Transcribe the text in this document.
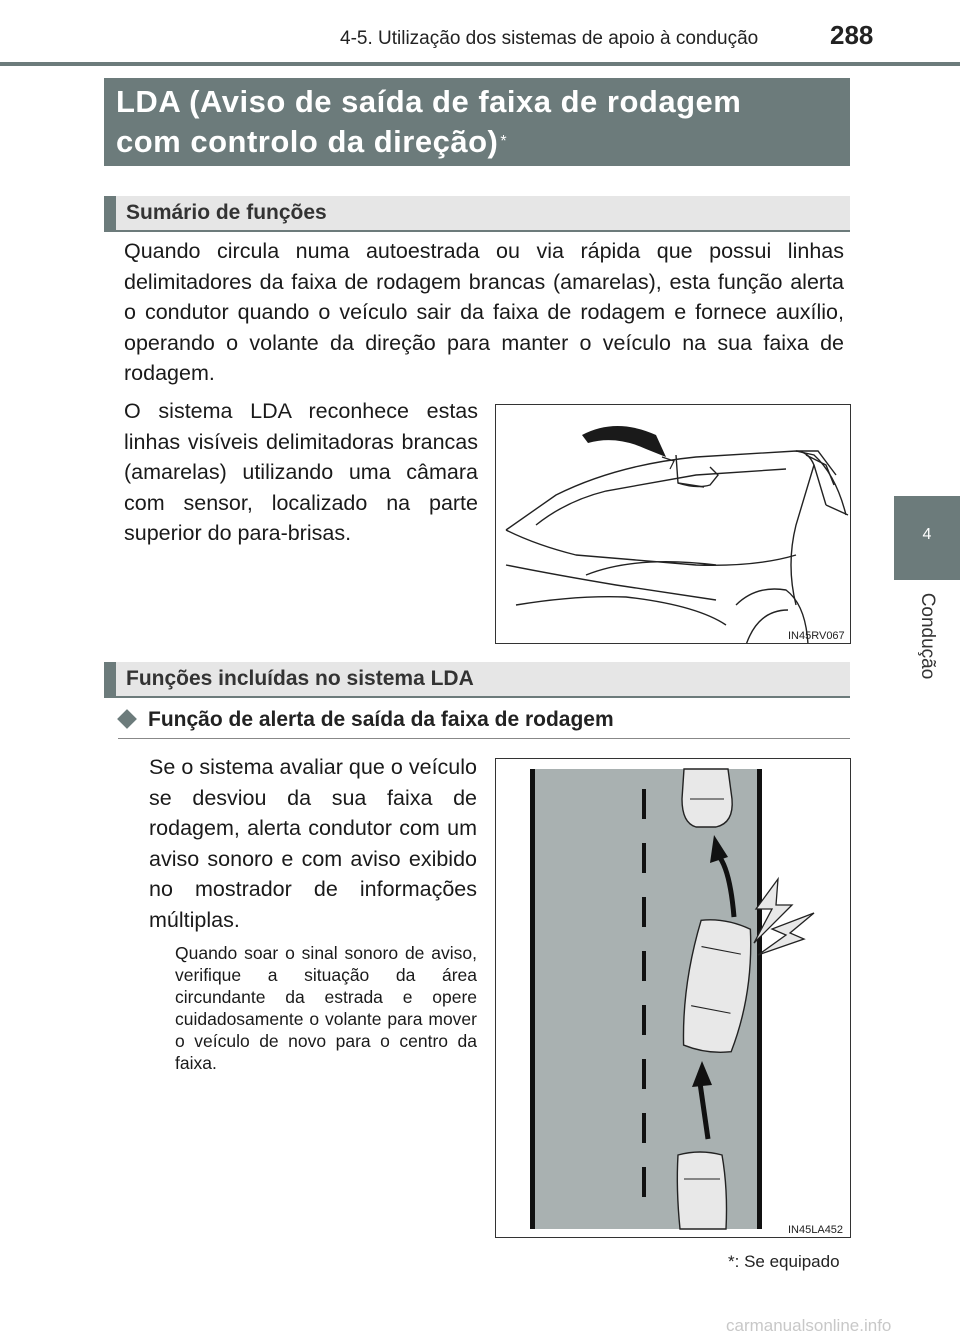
4-5. Utilização dos sistemas de apoio à condução	288
4
Condução
LDA (Aviso de saída de faixa de rodagem
com controlo da direção) *
Sumário de funções
Quando circula numa autoestrada ou via rápida que possui linhas delimitadores da faixa de rodagem brancas (amarelas), esta função alerta o condutor quando o veículo sair da faixa de rodagem e fornece auxílio, operando o volante da direção para manter o veículo na sua faixa de rodagem.
O sistema LDA reconhece estas linhas visíveis delimitadoras brancas (amarelas) utilizando uma câmara com sensor, localizado na parte superior do para-brisas.
IN45RV067
Funções incluídas no sistema LDA
Função de alerta de saída da faixa de rodagem
Se o sistema avaliar que o veículo se desviou da sua faixa de rodagem, alerta condutor com um aviso sonoro e com aviso exibido no mostrador de informações múltiplas.
Quando soar o sinal sonoro de aviso, verifique a situação da área circundante da estrada e opere cuidadosamente o volante para mover o veículo de novo para o centro da faixa.
IN45LA452
*: Se equipado
carmanualsonline.info
